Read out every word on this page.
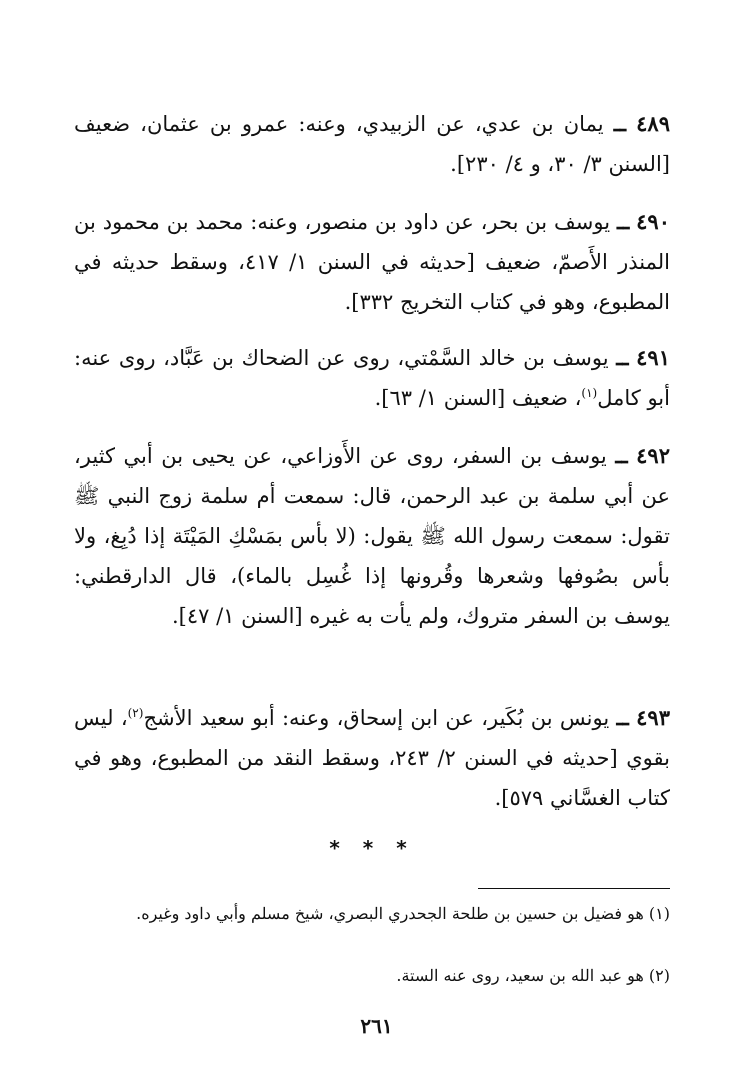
٤٨٩ ــ يمان بن عدي، عن الزبيدي، وعنه: عمرو بن عثمان، ضعيف [السنن ٣/ ٣٠، و ٤/ ٢٣٠].

٤٩٠ ــ يوسف بن بحر، عن داود بن منصور، وعنه: محمد بن محمود بن المنذر الأَصمّ، ضعيف [حديثه في السنن ١/ ٤١٧، وسقط حديثه في المطبوع، وهو في كتاب التخريج ٣٣٢].

٤٩١ ــ يوسف بن خالد السَّمْتي، روى عن الضحاك بن عَبَّاد، روى عنه: أبو كامل$^{(١)}$، ضعيف [السنن ١/ ٦٣].

٤٩٢ ــ يوسف بن السفر، روى عن الأَوزاعي، عن يحيى بن أبي كثير، عن أبي سلمة بن عبد الرحمن، قال: سمعت أم سلمة زوج النبي ﷺ تقول: سمعت رسول الله ﷺ يقول: (لا بأس بمَسْكِ المَيْتَة إذا دُبِغ، ولا بأس بصُوفها وشعرها وقُرونها إذا غُسِل بالماء)، قال الدارقطني: يوسف بن السفر متروك، ولم يأت به غيره [السنن ١/ ٤٧].

٤٩٣ ــ يونس بن بُكَير، عن ابن إسحاق، وعنه: أبو سعيد الأشج$^{(٢)}$، ليس بقوي [حديثه في السنن ٢/ ٢٤٣، وسقط النقد من المطبوع، وهو في كتاب الغسَّاني ٥٧٩].

* * *

(١) هو فضيل بن حسين بن طلحة الجحدري البصري، شيخ مسلم وأبي داود وغيره.

(٢) هو عبد الله بن سعيد، روى عنه الستة.

٢٦١
